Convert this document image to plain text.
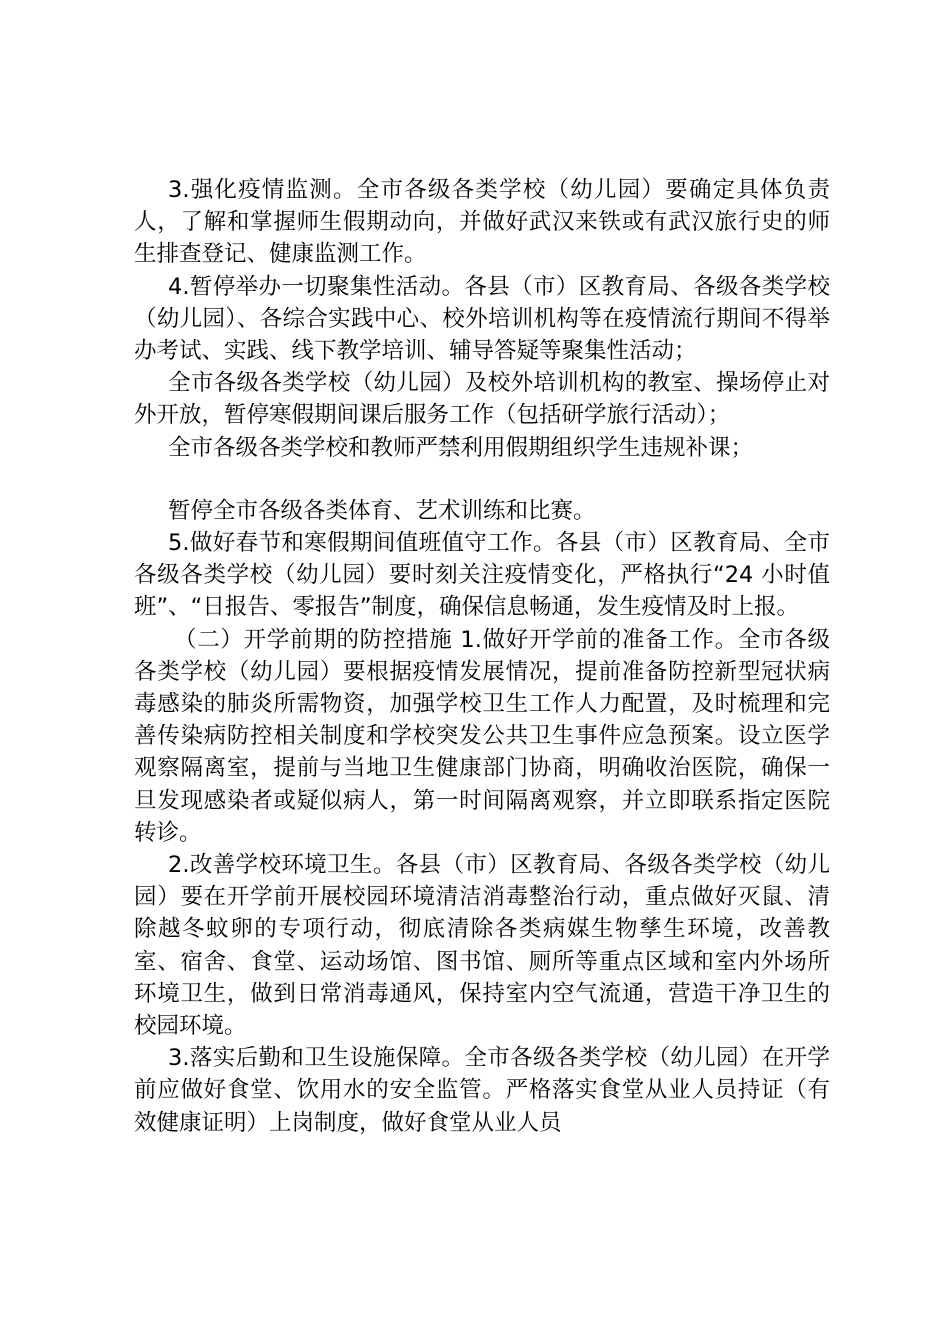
3.强化疫情监测。全市各级各类学校（幼儿园）要确定具体负责人，了解和掌握师生假期动向，并做好武汉来铁或有武汉旅行史的师生排查登记、健康监测工作。

4.暂停举办一切聚集性活动。各县（市）区教育局、各级各类学校（幼儿园）、各综合实践中心、校外培训机构等在疫情流行期间不得举办考试、实践、线下教学培训、辅导答疑等聚集性活动；

全市各级各类学校（幼儿园）及校外培训机构的教室、操场停止对外开放，暂停寒假期间课后服务工作（包括研学旅行活动）；

全市各级各类学校和教师严禁利用假期组织学生违规补课；

暂停全市各级各类体育、艺术训练和比赛。

5.做好春节和寒假期间值班值守工作。各县（市）区教育局、全市各级各类学校（幼儿园）要时刻关注疫情变化，严格执行“24 小时值班”、“日报告、零报告”制度，确保信息畅通，发生疫情及时上报。

（二）开学前期的防控措施 1.做好开学前的准备工作。全市各级各类学校（幼儿园）要根据疫情发展情况，提前准备防控新型冠状病毒感染的肺炎所需物资，加强学校卫生工作人力配置，及时梳理和完善传染病防控相关制度和学校突发公共卫生事件应急预案。设立医学观察隔离室，提前与当地卫生健康部门协商，明确收治医院，确保一旦发现感染者或疑似病人，第一时间隔离观察，并立即联系指定医院转诊。

2.改善学校环境卫生。各县（市）区教育局、各级各类学校（幼儿园）要在开学前开展校园环境清洁消毒整治行动，重点做好灭鼠、清除越冬蚊卵的专项行动，彻底清除各类病媒生物孳生环境，改善教室、宿舍、食堂、运动场馆、图书馆、厕所等重点区域和室内外场所环境卫生，做到日常消毒通风，保持室内空气流通，营造干净卫生的校园环境。

3.落实后勤和卫生设施保障。全市各级各类学校（幼儿园）在开学前应做好食堂、饮用水的安全监管。严格落实食堂从业人员持证（有效健康证明）上岗制度，做好食堂从业人员
